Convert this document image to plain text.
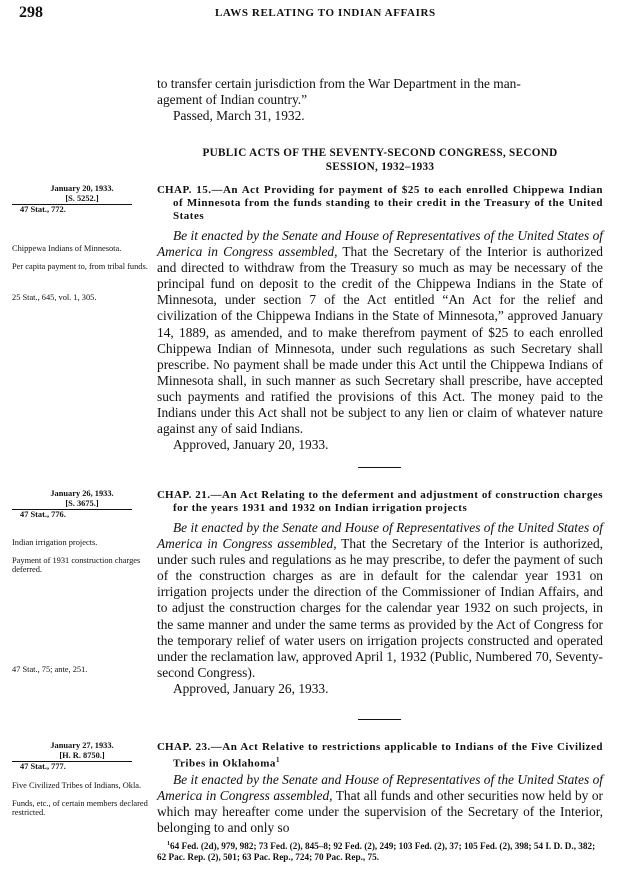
298	LAWS RELATING TO INDIAN AFFAIRS

to transfer certain jurisdiction from the War Department in the man-

agement of Indian country.”

Passed, March 31, 1932.

PUBLIC ACTS OF THE SEVENTY-SECOND CONGRESS, SECOND
SESSION, 1932–1933
January 20, 1933.
[S. 5252.]
47 Stat., 772.
CHAP. 15.—An Act Providing for payment of $25 to each enrolled Chippewa Indian of Minnesota from the funds standing to their credit in the Treasury of the United States

Be it enacted by the Senate and House of Representatives of the United States of America in Congress assembled, That the Secretary of the Interior is authorized and directed to withdraw from the Treasury so much as may be necessary of the principal fund on deposit to the credit of the Chippewa Indians in the State of Minnesota, under section 7 of the Act entitled “An Act for the relief and civilization of the Chippewa Indians in the State of Minnesota,” approved January 14, 1889, as amended, and to make therefrom payment of $25 to each enrolled Chippewa Indian of Minnesota, under such regulations as such Secretary shall prescribe. No payment shall be made under this Act until the Chippewa Indians of Minnesota shall, in such manner as such Secretary shall prescribe, have accepted such payments and ratified the provisions of this Act. The money paid to the Indians under this Act shall not be subject to any lien or claim of whatever nature against any of said Indians.

Approved, January 20, 1933.

Chippewa Indians of Minnesota.
Per capita payment to, from tribal funds.
25 Stat., 645, vol. 1, 305.
January 26, 1933.
[S. 3675.]
47 Stat., 776.
CHAP. 21.—An Act Relating to the deferment and adjustment of construction charges for the years 1931 and 1932 on Indian irrigation projects

Be it enacted by the Senate and House of Representatives of the United States of America in Congress assembled, That the Secretary of the Interior is authorized, under such rules and regulations as he may prescribe, to defer the payment of such of the construction charges as are in default for the calendar year 1931 on irrigation projects under the direction of the Commissioner of Indian Affairs, and to adjust the construction charges for the calendar year 1932 on such projects, in the same manner and under the same terms as provided by the Act of Congress for the temporary relief of water users on irrigation projects constructed and operated under the reclamation law, approved April 1, 1932 (Public, Numbered 70, Seventy-second Congress).

Approved, January 26, 1933.

Indian irrigation projects.
Payment of 1931 construction charges deferred.
47 Stat., 75; ante, 251.
January 27, 1933.
[H. R. 8750.]
47 Stat., 777.
CHAP. 23.—An Act Relative to restrictions applicable to Indians of the Five Civilized Tribes in Oklahoma$^1$

Be it enacted by the Senate and House of Representatives of the United States of America in Congress assembled, That all funds and other securities now held by or which may hereafter come under the supervision of the Secretary of the Interior, belonging to and only so

Five Civilized Tribes of Indians, Okla.
Funds, etc., of certain members declared restricted.
$^1$64 Fed. (2d), 979, 982; 73 Fed. (2), 845–8; 92 Fed. (2), 249; 103 Fed. (2), 37; 105 Fed. (2), 398; 54 I. D. D., 382; 62 Pac. Rep. (2), 501; 63 Pac. Rep., 724; 70 Pac. Rep., 75.
